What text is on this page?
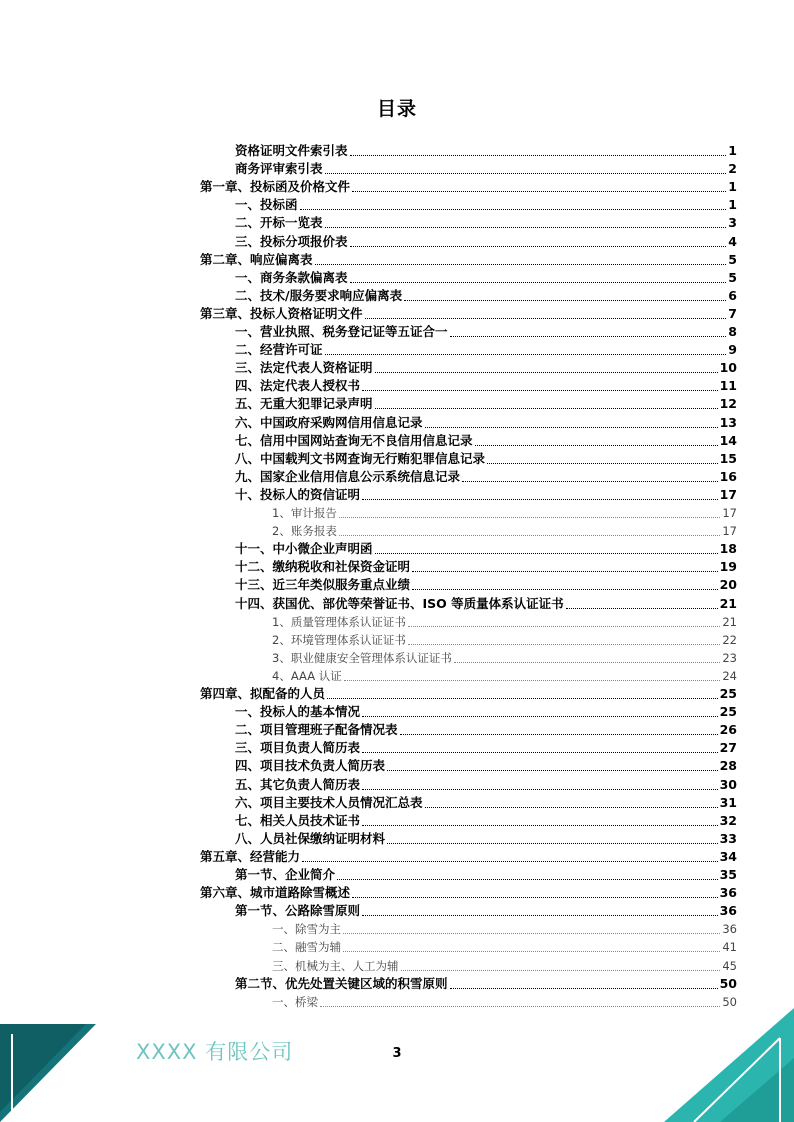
目录
资格证明文件索引表	1
商务评审索引表	2
第一章、投标函及价格文件	1
一、投标函	1
二、开标一览表	3
三、投标分项报价表	4
第二章、响应偏离表	5
一、商务条款偏离表	5
二、技术/服务要求响应偏离表	6
第三章、投标人资格证明文件	7
一、营业执照、税务登记证等五证合一	8
二、经营许可证	9
三、法定代表人资格证明	10
四、法定代表人授权书	11
五、无重大犯罪记录声明	12
六、中国政府采购网信用信息记录	13
七、信用中国网站查询无不良信用信息记录	14
八、中国载判文书网查询无行贿犯罪信息记录	15
九、国家企业信用信息公示系统信息记录	16
十、投标人的资信证明	17
1、审计报告	17
2、账务报表	17
十一、中小微企业声明函	18
十二、缴纳税收和社保资金证明	19
十三、近三年类似服务重点业绩	20
十四、获国优、部优等荣誉证书、ISO 等质量体系认证证书	21
1、质量管理体系认证证书	21
2、环境管理体系认证证书	22
3、职业健康安全管理体系认证证书	23
4、AAA 认证	24
第四章、拟配备的人员	25
一、投标人的基本情况	25
二、项目管理班子配备情况表	26
三、项目负责人简历表	27
四、项目技术负责人简历表	28
五、其它负责人简历表	30
六、项目主要技术人员情况汇总表	31
七、相关人员技术证书	32
八、人员社保缴纳证明材料	33
第五章、经营能力	34
第一节、企业简介	35
第六章、城市道路除雪概述	36
第一节、公路除雪原则	36
一、除雪为主	36
二、融雪为辅	41
三、机械为主、人工为辅	45
第二节、优先处置关键区域的积雪原则	50
一、桥梁	50
XXXX 有限公司	3
